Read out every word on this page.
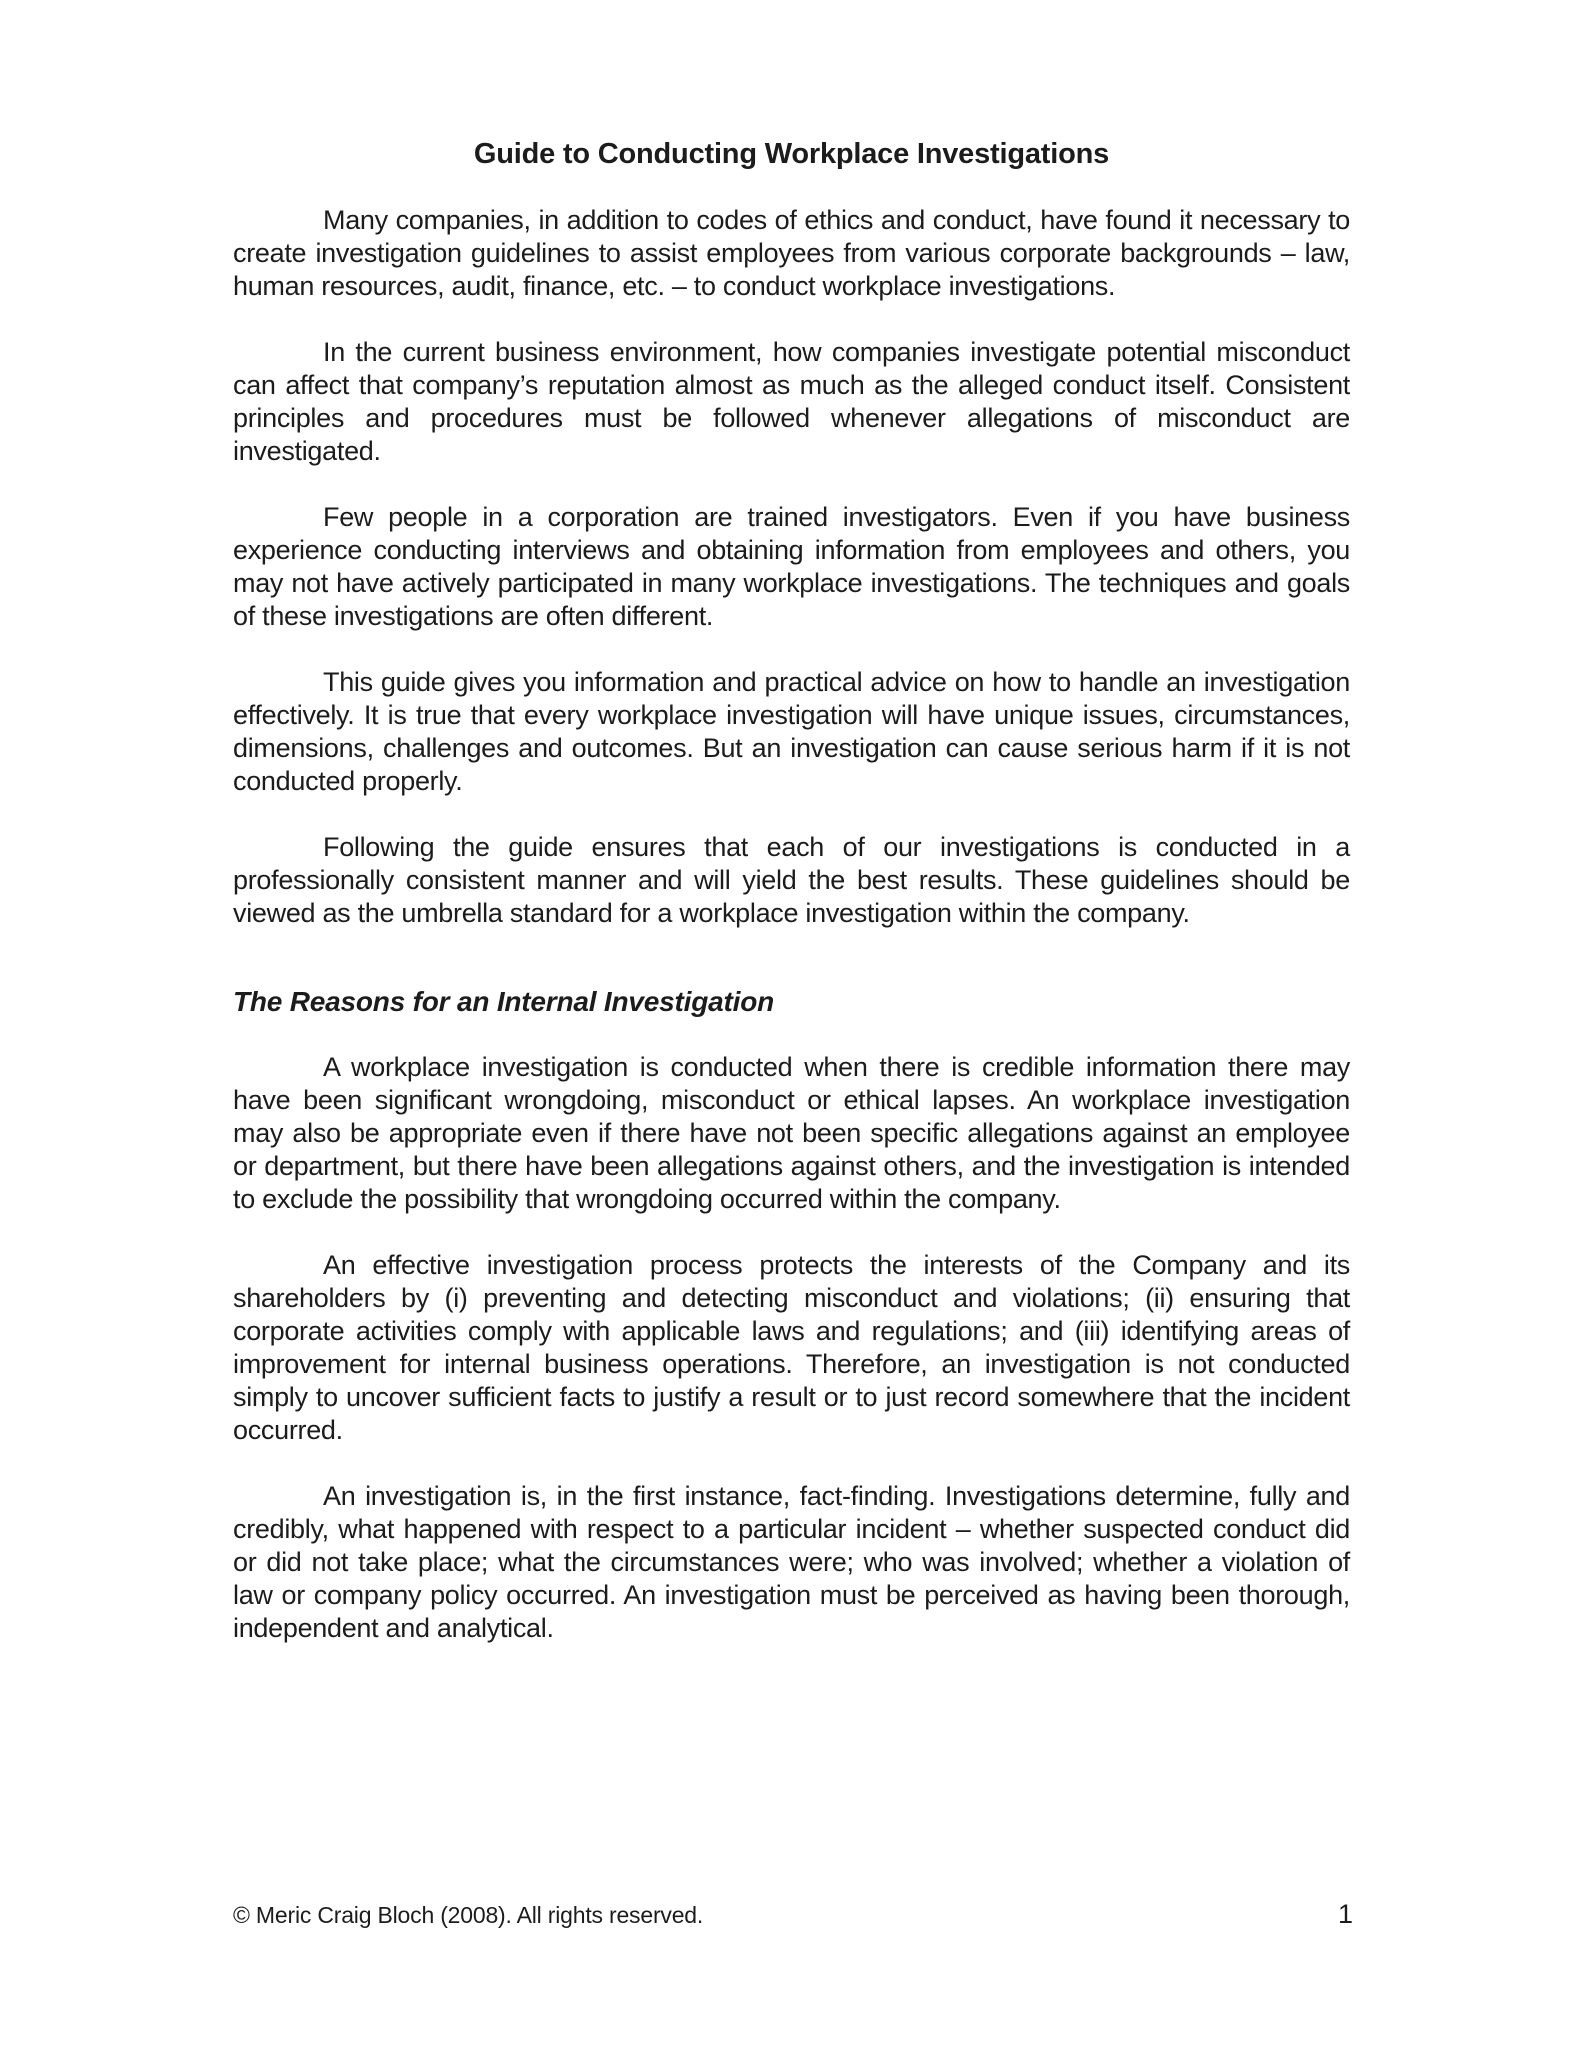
Guide to Conducting Workplace Investigations

Many companies, in addition to codes of ethics and conduct, have found it necessary to create investigation guidelines to assist employees from various corporate backgrounds – law, human resources, audit, finance, etc. – to conduct workplace investigations.

In the current business environment, how companies investigate potential misconduct can affect that company’s reputation almost as much as the alleged conduct itself. Consistent principles and procedures must be followed whenever allegations of misconduct are investigated.

Few people in a corporation are trained investigators. Even if you have business experience conducting interviews and obtaining information from employees and others, you may not have actively participated in many workplace investigations. The techniques and goals of these investigations are often different.

This guide gives you information and practical advice on how to handle an investigation effectively. It is true that every workplace investigation will have unique issues, circumstances, dimensions, challenges and outcomes. But an investigation can cause serious harm if it is not conducted properly.

Following the guide ensures that each of our investigations is conducted in a professionally consistent manner and will yield the best results. These guidelines should be viewed as the umbrella standard for a workplace investigation within the company.

The Reasons for an Internal Investigation

A workplace investigation is conducted when there is credible information there may have been significant wrongdoing, misconduct or ethical lapses. An workplace investigation may also be appropriate even if there have not been specific allegations against an employee or department, but there have been allegations against others, and the investigation is intended to exclude the possibility that wrongdoing occurred within the company.

An effective investigation process protects the interests of the Company and its shareholders by (i) preventing and detecting misconduct and violations; (ii) ensuring that corporate activities comply with applicable laws and regulations; and (iii) identifying areas of improvement for internal business operations. Therefore, an investigation is not conducted simply to uncover sufficient facts to justify a result or to just record somewhere that the incident occurred.

An investigation is, in the first instance, fact-finding. Investigations determine, fully and credibly, what happened with respect to a particular incident – whether suspected conduct did or did not take place; what the circumstances were; who was involved; whether a violation of law or company policy occurred. An investigation must be perceived as having been thorough, independent and analytical.

© Meric Craig Bloch (2008). All rights reserved.	1
